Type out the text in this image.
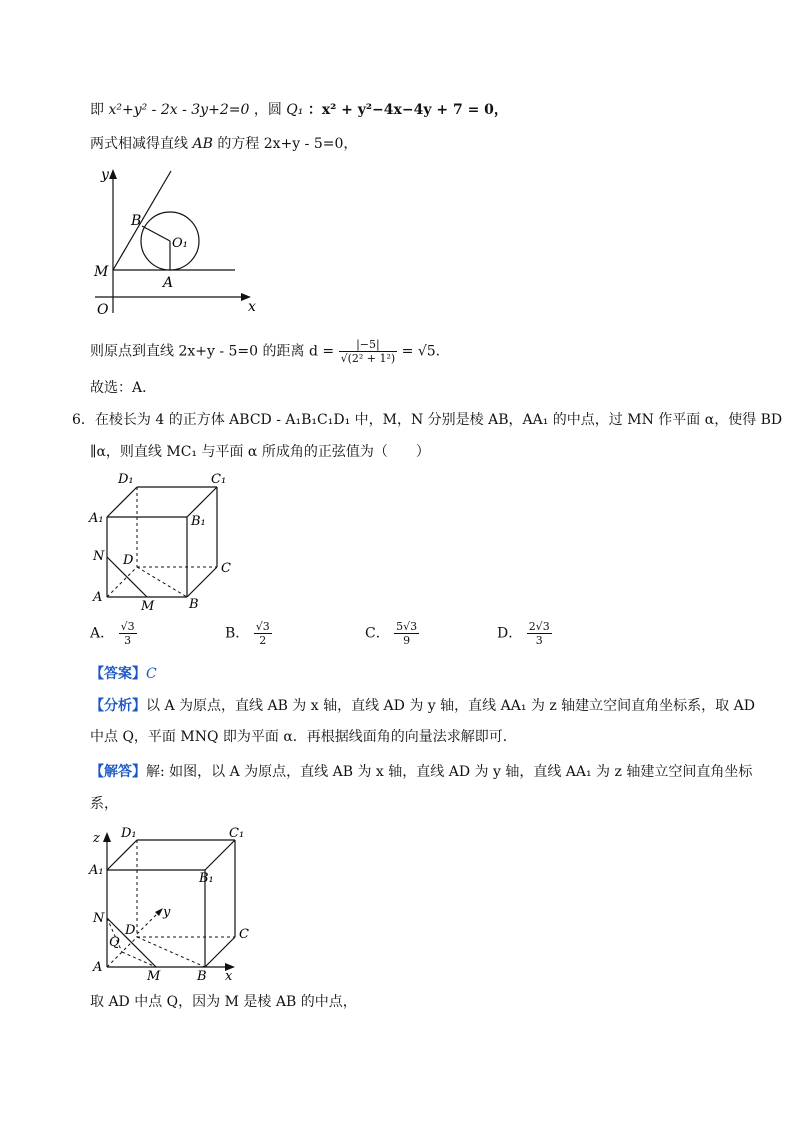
即 x²+y² - 2x - 3y+2=0 ，圆 Q₁ ：x² + y²−4x−4y + 7 = 0，
两式相减得直线 AB 的方程 2x+y - 5=0，
y
x
O
M
A
B
O₁
则原点到直线 2x+y - 5=0 的距离 $d = \frac{|-5|}{\text{√(2² + 1²)}} = √5$.
故选：A．
6．在棱长为 4 的正方体 ABCD - A₁B₁C₁D₁ 中，M，N 分别是棱 AB，AA₁ 的中点，过 MN 作平面 α，使得 BD
∥α，则直线 MC₁ 与平面 α 所成角的正弦值为（　　）
D₁	C₁
A₁	B₁
N D
C
A
M	B
A． $\frac{√3}{3}$	B． $\frac{√3}{2}$	C． $\frac{5√3}{9}$	D． $\frac{2√3}{3}$
【答案】C
【分析】以 A 为原点，直线 AB 为 x 轴，直线 AD 为 y 轴，直线 AA₁ 为 z 轴建立空间直角坐标系，取 AD
中点 Q，平面 MNQ 即为平面 α．再根据线面角的向量法求解即可．
【解答】解: 如图，以 A 为原点，直线 AB 为 x 轴，直线 AD 为 y 轴，直线 AA₁ 为 z 轴建立空间直角坐标
系，
z D₁	C₁
A₁
B₁
N	y
D	C
Q
A
M	B x
取 AD 中点 Q，因为 M 是棱 AB 的中点，
